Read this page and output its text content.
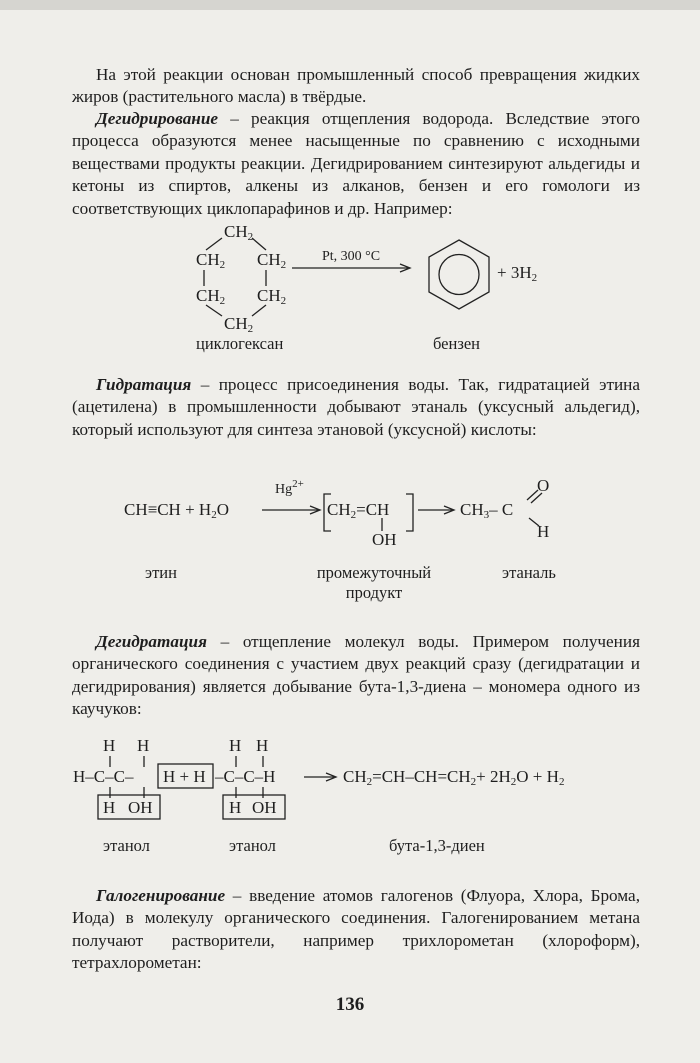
На этой реакции основан промышленный способ превращения жидких жиров (растительного масла) в твёрдые.
Дегидрирование – реакция отщепления водорода. Вследствие этого процесса образуются менее насыщенные по сравнению с исходными веществами продукты реакции. Дегидрированием синтезируют альдегиды и кетоны из спиртов, алкены из алканов, бензен и его гомологи из соответствующих циклопарафинов и др. Например:
$CH_2$
$CH_2$ $CH_2$
$CH_2$ $CH_2$
$CH_2$
Pt, 300 °C
+ $3H_2$
циклогексан	бензен
Гидратация – процесс присоединения воды. Так, гидратацией этина (ацетилена) в промышленности добывают этаналь (уксусный альдегид), который используют для синтеза этановой (уксусной) кислоты:
$CH\equiv CH + H_2O$
$Hg^{2+}$
$CH_2=CH$
OH
$CH_3-$ C
O
H
этин	промежуточный продукт
этаналь
Дегидратация – отщепление молекул воды. Примером получения органического соединения с участием двух реакций сразу (дегидратации и дегидрирования) является добывание бута-1,3-диена – мономера одного из каучуков:
H H	H H
H–C–C– H + H –C–C–H
H OH	H OH
$CH_2=CH-CH=CH_2+ 2H_2O + H_2$
этанол	этанол	бута-1,3-диен
Галогенирование – введение атомов галогенов (Флуора, Хлора, Брома, Иода) в молекулу органического соединения. Галогенированием метана получают растворители, например трихлорометан (хлороформ), тетрахлорометан:
136
